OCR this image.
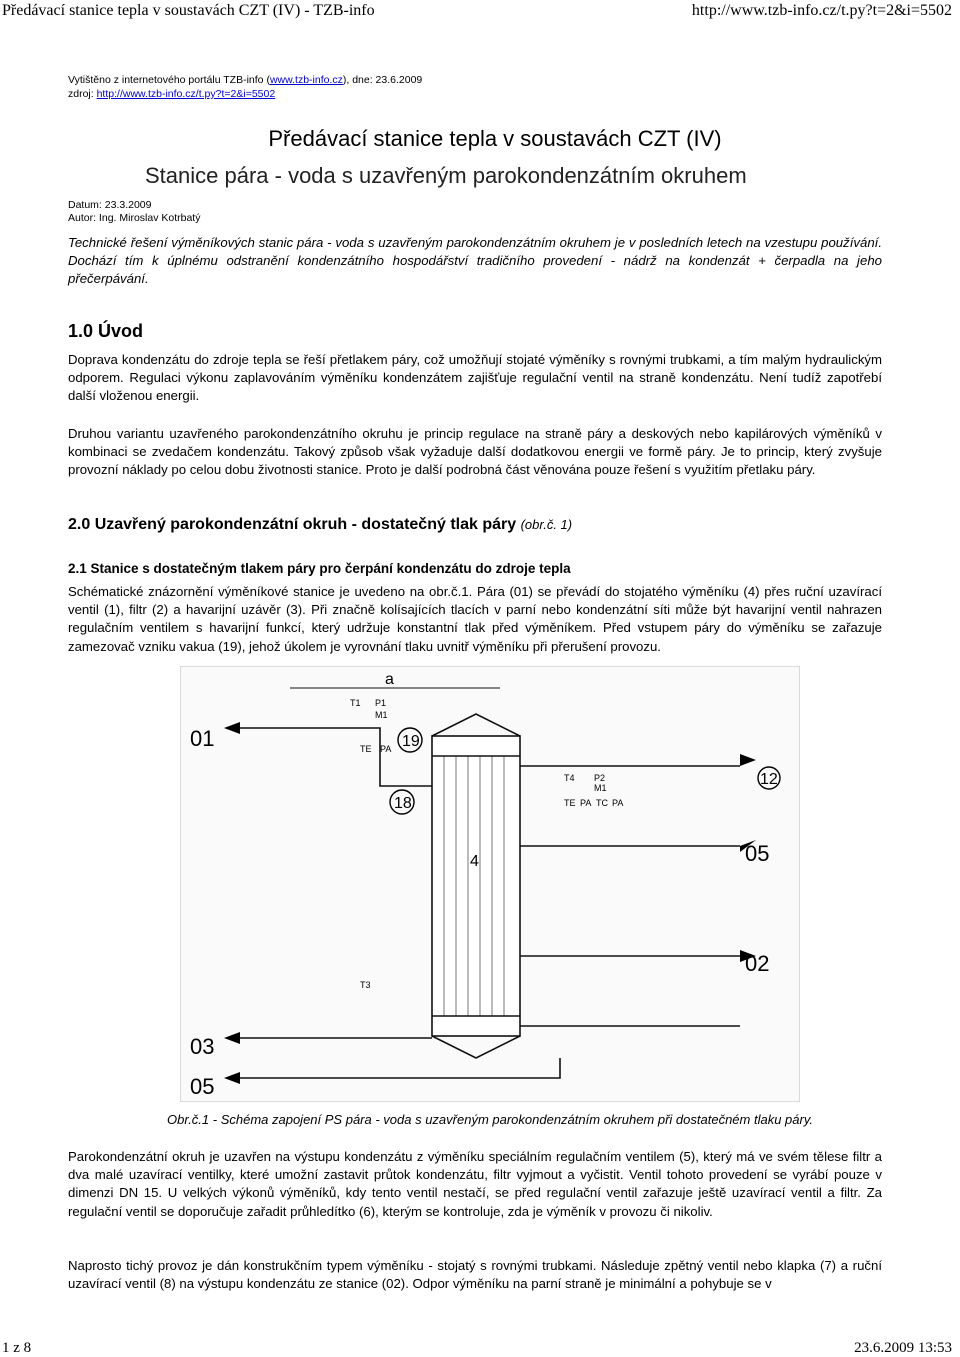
Předávací stanice tepla v soustavách CZT (IV) - TZB-info	http://www.tzb-info.cz/t.py?t=2&i=5502
Vytištěno z internetového portálu TZB-info (www.tzb-info.cz), dne: 23.6.2009
zdroj: http://www.tzb-info.cz/t.py?t=2&i=5502
Předávací stanice tepla v soustavách CZT (IV)
Stanice pára - voda s uzavřeným parokondenzátním okruhem
Datum: 23.3.2009
Autor: Ing. Miroslav Kotrbatý
Technické řešení výměníkových stanic pára - voda s uzavřeným parokondenzátním okruhem je v posledních letech na vzestupu používání. Dochází tím k úplnému odstranění kondenzátního hospodářství tradičního provedení - nádrž na kondenzát + čerpadla na jeho přečerpávání.
1.0 Úvod
Doprava kondenzátu do zdroje tepla se řeší přetlakem páry, což umožňují stojaté výměníky s rovnými trubkami, a tím malým hydraulickým odporem. Regulaci výkonu zaplavováním výměníku kondenzátem zajišťuje regulační ventil na straně kondenzátu. Není tudíž zapotřebí další vloženou energii.
Druhou variantu uzavřeného parokondenzátního okruhu je princip regulace na straně páry a deskových nebo kapilárových výměníků v kombinaci se zvedačem kondenzátu. Takový způsob však vyžaduje další dodatkovou energii ve formě páry. Je to princip, který zvyšuje provozní náklady po celou dobu životnosti stanice. Proto je další podrobná část věnována pouze řešení s využitím přetlaku páry.
2.0 Uzavřený parokondenzátní okruh - dostatečný tlak páry (obr.č. 1)
2.1 Stanice s dostatečným tlakem páry pro čerpání kondenzátu do zdroje tepla
Schématické znázornění výměníkové stanice je uvedeno na obr.č.1. Pára (01) se převádí do stojatého výměníku (4) přes ruční uzavírací ventil (1), filtr (2) a havarijní uzávěr (3). Při značně kolísajících tlacích v parní nebo kondenzátní síti může být havarijní ventil nahrazen regulačním ventilem s havarijní funkcí, který udržuje konstantní tlak před výměníkem. Před vstupem páry do výměníku se zařazuje zamezovač vzniku vakua (19), jehož úkolem je vyrovnání tlaku uvnitř výměníku při přerušení provozu.
01
12
05
02
03
05
19
18
4
a
T1 P1
M1
T4 P2
M1
T3
TE PA
TE PA TC PA
Obr.č.1 - Schéma zapojení PS pára - voda s uzavřeným parokondenzátním okruhem při dostatečném tlaku páry.
Parokondenzátní okruh je uzavřen na výstupu kondenzátu z výměníku speciálním regulačním ventilem (5), který má ve svém tělese filtr a dva malé uzavírací ventilky, které umožní zastavit průtok kondenzátu, filtr vyjmout a vyčistit. Ventil tohoto provedení se vyrábí pouze v dimenzi DN 15. U velkých výkonů výměníků, kdy tento ventil nestačí, se před regulační ventil zařazuje ještě uzavírací ventil a filtr. Za regulační ventil se doporučuje zařadit průhledítko (6), kterým se kontroluje, zda je výměník v provozu či nikoliv.
Naprosto tichý provoz je dán konstrukčním typem výměníku - stojatý s rovnými trubkami. Následuje zpětný ventil nebo klapka (7) a ruční uzavírací ventil (8) na výstupu kondenzátu ze stanice (02). Odpor výměníku na parní straně je minimální a pohybuje se v
1 z 8	23.6.2009 13:53
